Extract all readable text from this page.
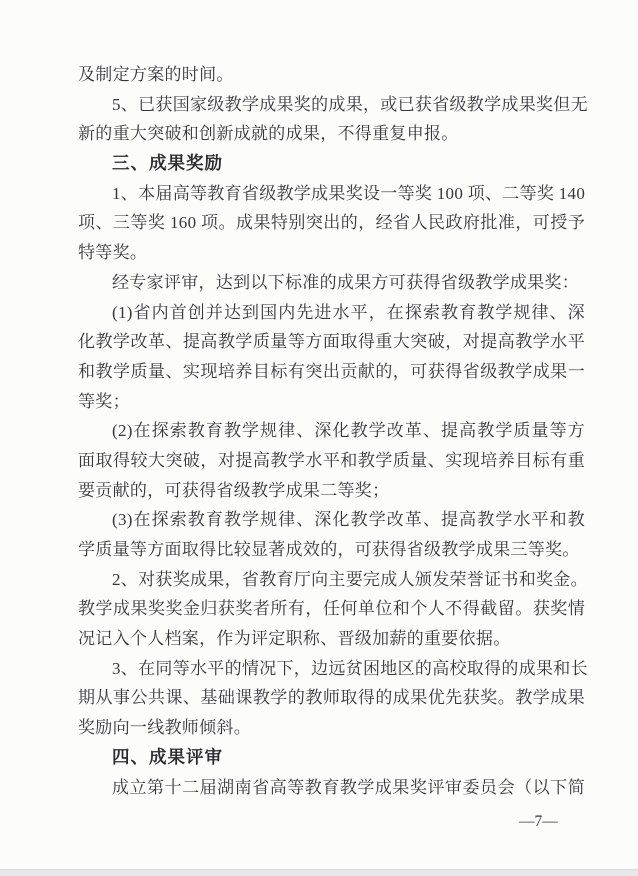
及制定方案的时间。
5、已获国家级教学成果奖的成果，或已获省级教学成果奖但无
新的重大突破和创新成就的成果，不得重复申报。
三、成果奖励
1、本届高等教育省级教学成果奖设一等奖 100 项、二等奖 140
项、三等奖 160 项。成果特别突出的，经省人民政府批准，可授予
特等奖。
经专家评审，达到以下标准的成果方可获得省级教学成果奖：
(1)省内首创并达到国内先进水平，在探索教育教学规律、深
化教学改革、提高教学质量等方面取得重大突破，对提高教学水平
和教学质量、实现培养目标有突出贡献的，可获得省级教学成果一
等奖；
(2)在探索教育教学规律、深化教学改革、提高教学质量等方
面取得较大突破，对提高教学水平和教学质量、实现培养目标有重
要贡献的，可获得省级教学成果二等奖；
(3)在探索教育教学规律、深化教学改革、提高教学水平和教
学质量等方面取得比较显著成效的，可获得省级教学成果三等奖。
2、对获奖成果，省教育厅向主要完成人颁发荣誉证书和奖金。
教学成果奖奖金归获奖者所有，任何单位和个人不得截留。获奖情
况记入个人档案，作为评定职称、晋级加薪的重要依据。
3、在同等水平的情况下，边远贫困地区的高校取得的成果和长
期从事公共课、基础课教学的教师取得的成果优先获奖。教学成果
奖励向一线教师倾斜。
四、成果评审
成立第十二届湖南省高等教育教学成果奖评审委员会（以下简
—7—
